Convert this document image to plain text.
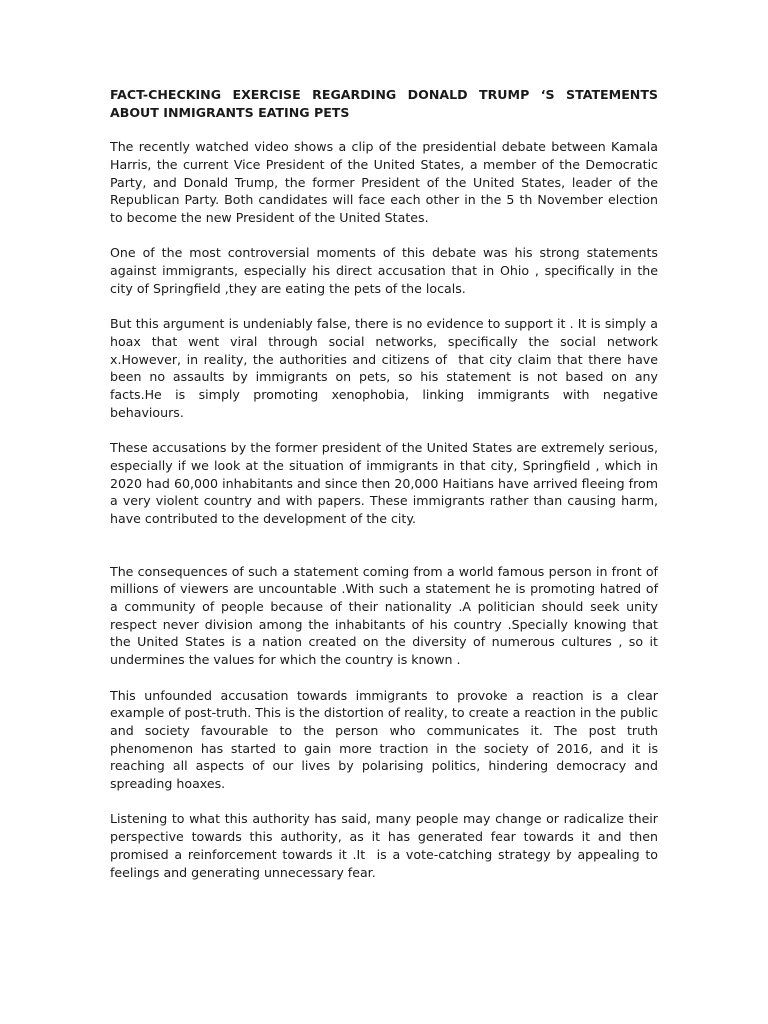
FACT-CHECKING EXERCISE REGARDING DONALD TRUMP ‘S STATEMENTS ABOUT INMIGRANTS EATING PETS

The recently watched video shows a clip of the presidential debate between Kamala Harris, the current Vice President of the United States, a member of the Democratic Party, and Donald Trump, the former President of the United States, leader of the Republican Party. Both candidates will face each other in the 5 th November election to become the new President of the United States.

One of the most controversial moments of this debate was his strong statements against immigrants, especially his direct accusation that in Ohio , specifically in the city of Springfield ,they are eating the pets of the locals.

But this argument is undeniably false, there is no evidence to support it . It is simply a hoax that went viral through social networks, specifically the social network x.However, in reality, the authorities and citizens of  that city claim that there have been no assaults by immigrants on pets, so his statement is not based on any facts.He is simply promoting xenophobia, linking immigrants with negative behaviours.

These accusations by the former president of the United States are extremely serious, especially if we look at the situation of immigrants in that city, Springfield , which in 2020 had 60,000 inhabitants and since then 20,000 Haitians have arrived fleeing from a very violent country and with papers. These immigrants rather than causing harm, have contributed to the development of the city.

The consequences of such a statement coming from a world famous person in front of millions of viewers are uncountable .With such a statement he is promoting hatred of a community of people because of their nationality .A politician should seek unity respect never division among the inhabitants of his country .Specially knowing that the United States is a nation created on the diversity of numerous cultures , so it undermines the values for which the country is known .

This unfounded accusation towards immigrants to provoke a reaction is a clear example of post-truth. This is the distortion of reality, to create a reaction in the public and society favourable to the person who communicates it. The post truth phenomenon has started to gain more traction in the society of 2016, and it is reaching all aspects of our lives by polarising politics, hindering democracy and spreading hoaxes.

Listening to what this authority has said, many people may change or radicalize their perspective towards this authority, as it has generated fear towards it and then promised a reinforcement towards it .It  is a vote-catching strategy by appealing to feelings and generating unnecessary fear.
